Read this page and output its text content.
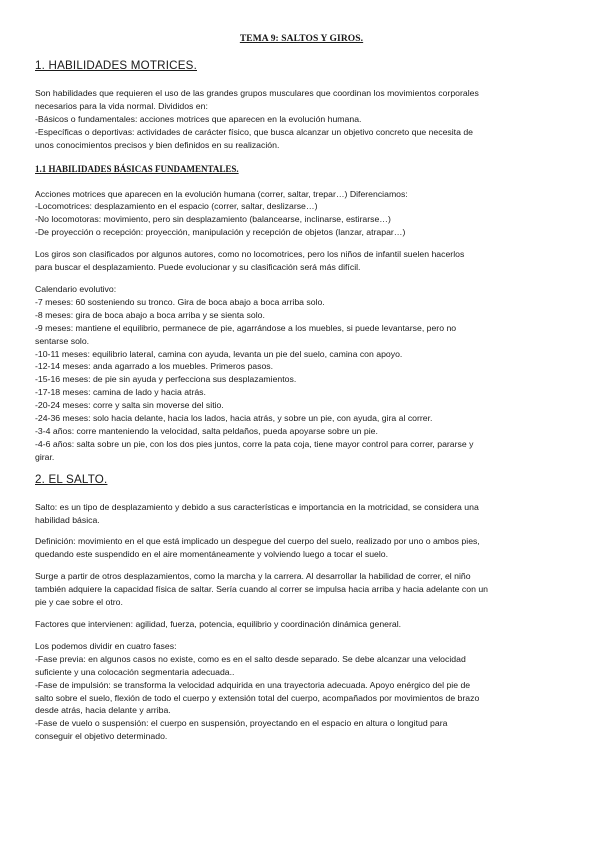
TEMA 9: SALTOS Y GIROS.
1. HABILIDADES MOTRICES.
Son habilidades que requieren el uso de las grandes grupos musculares que coordinan los movimientos corporales
necesarios para la vida normal. Divididos en:
-Básicos o fundamentales: acciones motrices que aparecen en la evolución humana.
-Específicas o deportivas: actividades de carácter físico, que busca alcanzar un objetivo concreto que necesita de
unos conocimientos precisos y bien definidos en su realización.
1.1 HABILIDADES BÁSICAS FUNDAMENTALES.
Acciones motrices que aparecen en la evolución humana (correr, saltar, trepar…) Diferenciamos:
-Locomotrices: desplazamiento en el espacio (correr, saltar, deslizarse…)
-No locomotoras: movimiento, pero sin desplazamiento (balancearse, inclinarse, estirarse…)
-De proyección o recepción: proyección, manipulación y recepción de objetos (lanzar, atrapar…)
Los giros son clasificados por algunos autores, como no locomotrices, pero los niños de infantil suelen hacerlos
para buscar el desplazamiento. Puede evolucionar y su clasificación será más difícil.
Calendario evolutivo:
-7 meses: 60 sosteniendo su tronco. Gira de boca abajo a boca arriba solo.
-8 meses: gira de boca abajo a boca arriba y se sienta solo.
-9 meses: mantiene el equilibrio, permanece de pie, agarrándose a los muebles, si puede levantarse, pero no
sentarse solo.
-10-11 meses: equilibrio lateral, camina con ayuda, levanta un pie del suelo, camina con apoyo.
-12-14 meses: anda agarrado a los muebles. Primeros pasos.
-15-16 meses: de pie sin ayuda y perfecciona sus desplazamientos.
-17-18 meses: camina de lado y hacia atrás.
-20-24 meses: corre y salta sin moverse del sitio.
-24-36 meses: solo hacia delante, hacia los lados, hacia atrás, y sobre un pie, con ayuda, gira al correr.
-3-4 años: corre manteniendo la velocidad, salta peldaños, pueda apoyarse sobre un pie.
-4-6 años: salta sobre un pie, con los dos pies juntos, corre la pata coja, tiene mayor control para correr, pararse y
girar.
2. EL SALTO.
Salto: es un tipo de desplazamiento y debido a sus características e importancia en la motricidad, se considera una
habilidad básica.
Definición: movimiento en el que está implicado un despegue del cuerpo del suelo, realizado por uno o ambos pies,
quedando este suspendido en el aire momentáneamente y volviendo luego a tocar el suelo.
Surge a partir de otros desplazamientos, como la marcha y la carrera. Al desarrollar la habilidad de correr, el niño
también adquiere la capacidad física de saltar. Sería cuando al correr se impulsa hacia arriba y hacia adelante con un
pie y cae sobre el otro.
Factores que intervienen: agilidad, fuerza, potencia, equilibrio y coordinación dinámica general.
Los podemos dividir en cuatro fases:
-Fase previa: en algunos casos no existe, como es en el salto desde separado. Se debe alcanzar una velocidad
suficiente y una colocación segmentaria adecuada..
-Fase de impulsión: se transforma la velocidad adquirida en una trayectoria adecuada. Apoyo enérgico del pie de
salto sobre el suelo, flexión de todo el cuerpo y extensión total del cuerpo, acompañados por movimientos de brazo
desde atrás, hacia delante y arriba.
-Fase de vuelo o suspensión: el cuerpo en suspensión, proyectando en el espacio en altura o longitud para
conseguir el objetivo determinado.
